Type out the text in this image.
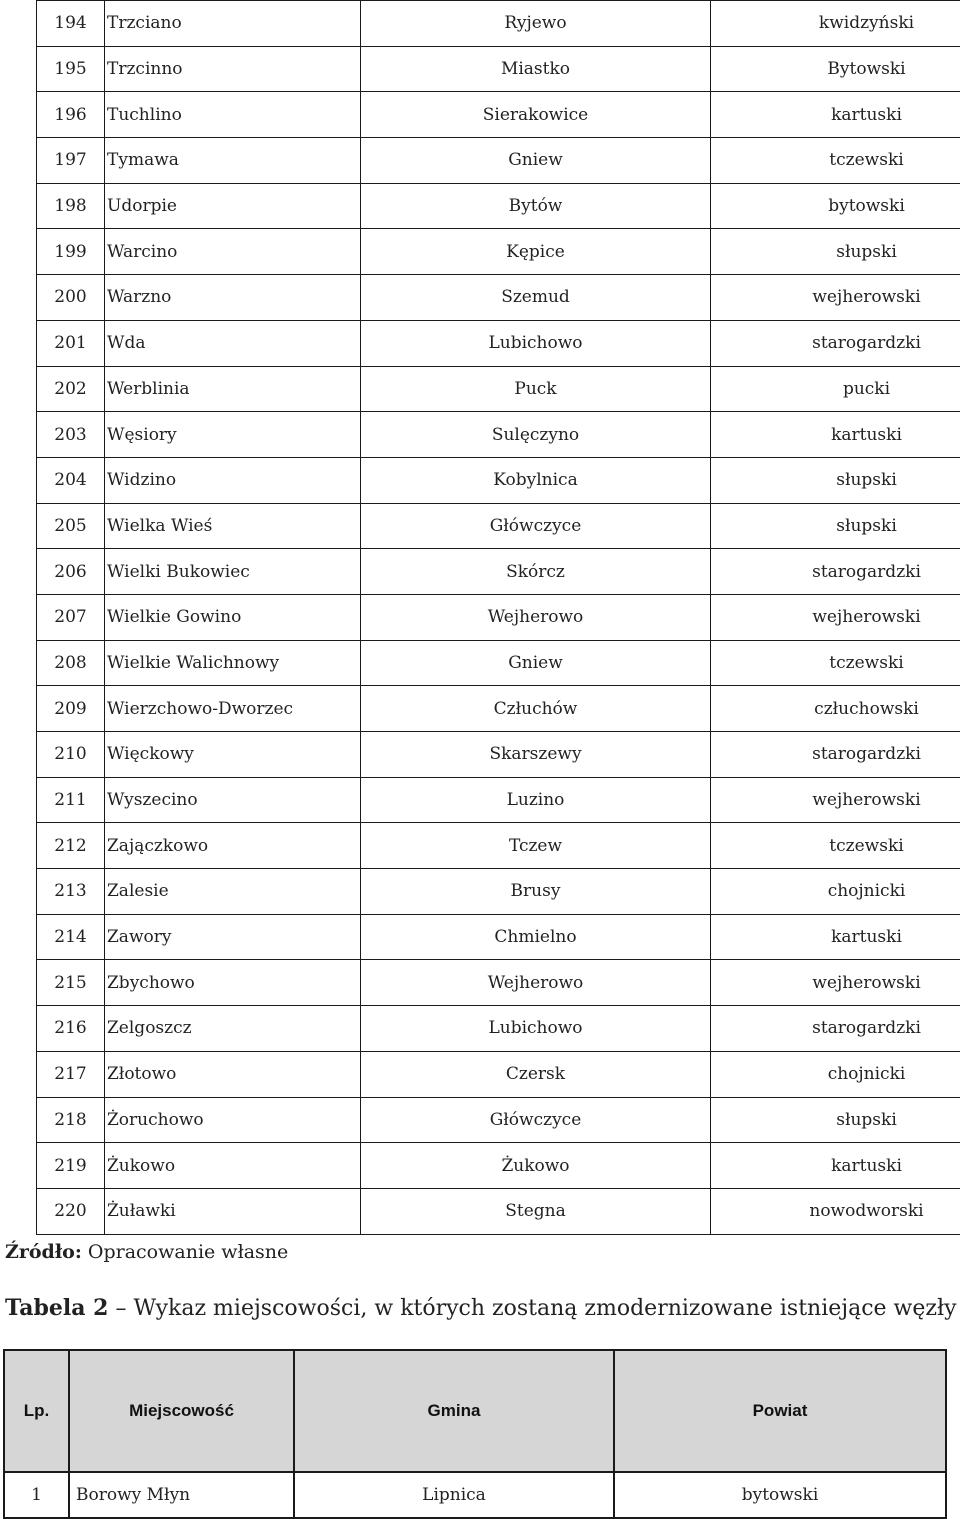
194	Trzciano	Ryjewo	kwidzyński
195	Trzcinno	Miastko	Bytowski
196	Tuchlino	Sierakowice	kartuski
197	Tymawa	Gniew	tczewski
198	Udorpie	Bytów	bytowski
199	Warcino	Kępice	słupski
200	Warzno	Szemud	wejherowski
201	Wda	Lubichowo	starogardzki
202	Werblinia	Puck	pucki
203	Węsiory	Sulęczyno	kartuski
204	Widzino	Kobylnica	słupski
205	Wielka Wieś	Główczyce	słupski
206	Wielki Bukowiec	Skórcz	starogardzki
207	Wielkie Gowino	Wejherowo	wejherowski
208	Wielkie Walichnowy	Gniew	tczewski
209	Wierzchowo-Dworzec	Człuchów	człuchowski
210	Więckowy	Skarszewy	starogardzki
211	Wyszecino	Luzino	wejherowski
212	Zajączkowo	Tczew	tczewski
213	Zalesie	Brusy	chojnicki
214	Zawory	Chmielno	kartuski
215	Zbychowo	Wejherowo	wejherowski
216	Zelgoszcz	Lubichowo	starogardzki
217	Złotowo	Czersk	chojnicki
218	Żoruchowo	Główczyce	słupski
219	Żukowo	Żukowo	kartuski
220	Żuławki	Stegna	nowodworski
Źródło: Opracowanie własne
Tabela 2 – Wykaz miejscowości, w których zostaną zmodernizowane istniejące węzły
Lp.	Miejscowość	Gmina	Powiat
1	Borowy Młyn	Lipnica	bytowski
